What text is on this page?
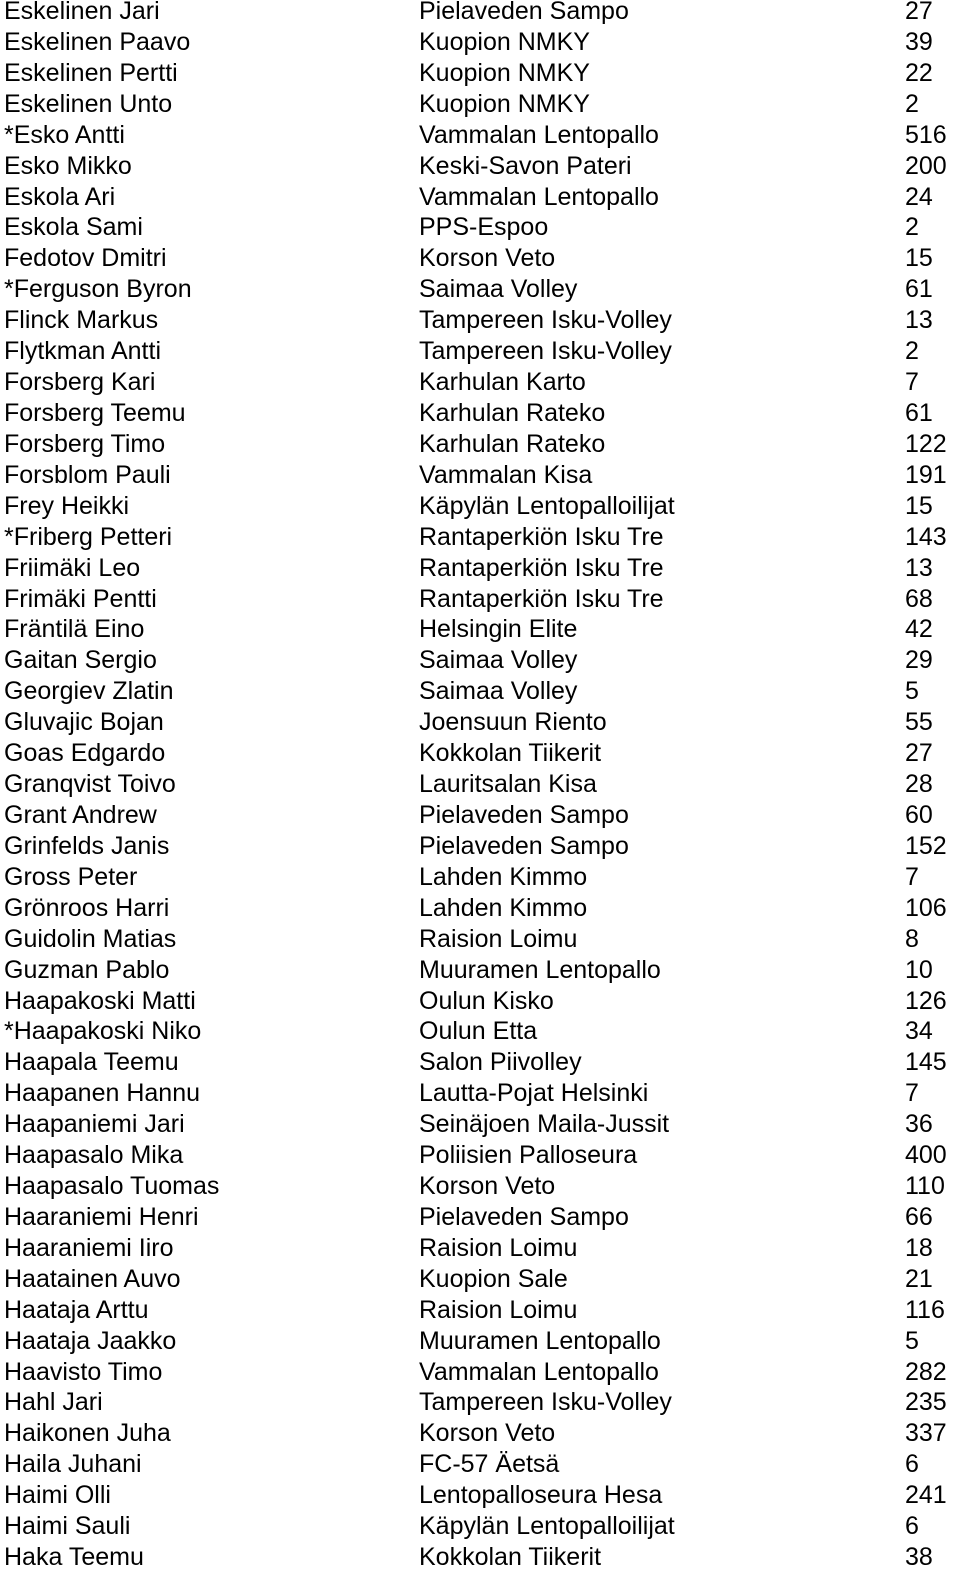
Eskelinen Jari	Pielaveden Sampo	27
Eskelinen Paavo	Kuopion NMKY	39
Eskelinen Pertti	Kuopion NMKY	22
Eskelinen Unto	Kuopion NMKY	2
*Esko Antti	Vammalan Lentopallo	516
Esko Mikko	Keski-Savon Pateri	200
Eskola Ari	Vammalan Lentopallo	24
Eskola Sami	PPS-Espoo	2
Fedotov Dmitri	Korson Veto	15
*Ferguson Byron	Saimaa Volley	61
Flinck Markus	Tampereen Isku-Volley	13
Flytkman Antti	Tampereen Isku-Volley	2
Forsberg Kari	Karhulan Karto	7
Forsberg Teemu	Karhulan Rateko	61
Forsberg Timo	Karhulan Rateko	122
Forsblom Pauli	Vammalan Kisa	191
Frey Heikki	Käpylän Lentopalloilijat	15
*Friberg Petteri	Rantaperkiön Isku Tre	143
Friimäki Leo	Rantaperkiön Isku Tre	13
Frimäki Pentti	Rantaperkiön Isku Tre	68
Fräntilä Eino	Helsingin Elite	42
Gaitan Sergio	Saimaa Volley	29
Georgiev Zlatin	Saimaa Volley	5
Gluvajic Bojan	Joensuun Riento	55
Goas Edgardo	Kokkolan Tiikerit	27
Granqvist Toivo	Lauritsalan Kisa	28
Grant Andrew	Pielaveden Sampo	60
Grinfelds Janis	Pielaveden Sampo	152
Gross Peter	Lahden Kimmo	7
Grönroos Harri	Lahden Kimmo	106
Guidolin Matias	Raision Loimu	8
Guzman Pablo	Muuramen Lentopallo	10
Haapakoski Matti	Oulun Kisko	126
*Haapakoski Niko	Oulun Etta	34
Haapala Teemu	Salon Piivolley	145
Haapanen Hannu	Lautta-Pojat Helsinki	7
Haapaniemi Jari	Seinäjoen Maila-Jussit	36
Haapasalo Mika	Poliisien Palloseura	400
Haapasalo Tuomas	Korson Veto	110
Haaraniemi Henri	Pielaveden Sampo	66
Haaraniemi Iiro	Raision Loimu	18
Haatainen Auvo	Kuopion Sale	21
Haataja Arttu	Raision Loimu	116
Haataja Jaakko	Muuramen Lentopallo	5
Haavisto Timo	Vammalan Lentopallo	282
Hahl Jari	Tampereen Isku-Volley	235
Haikonen Juha	Korson Veto	337
Haila Juhani	FC-57 Äetsä	6
Haimi Olli	Lentopalloseura Hesa	241
Haimi Sauli	Käpylän Lentopalloilijat	6
Haka Teemu	Kokkolan Tiikerit	38
